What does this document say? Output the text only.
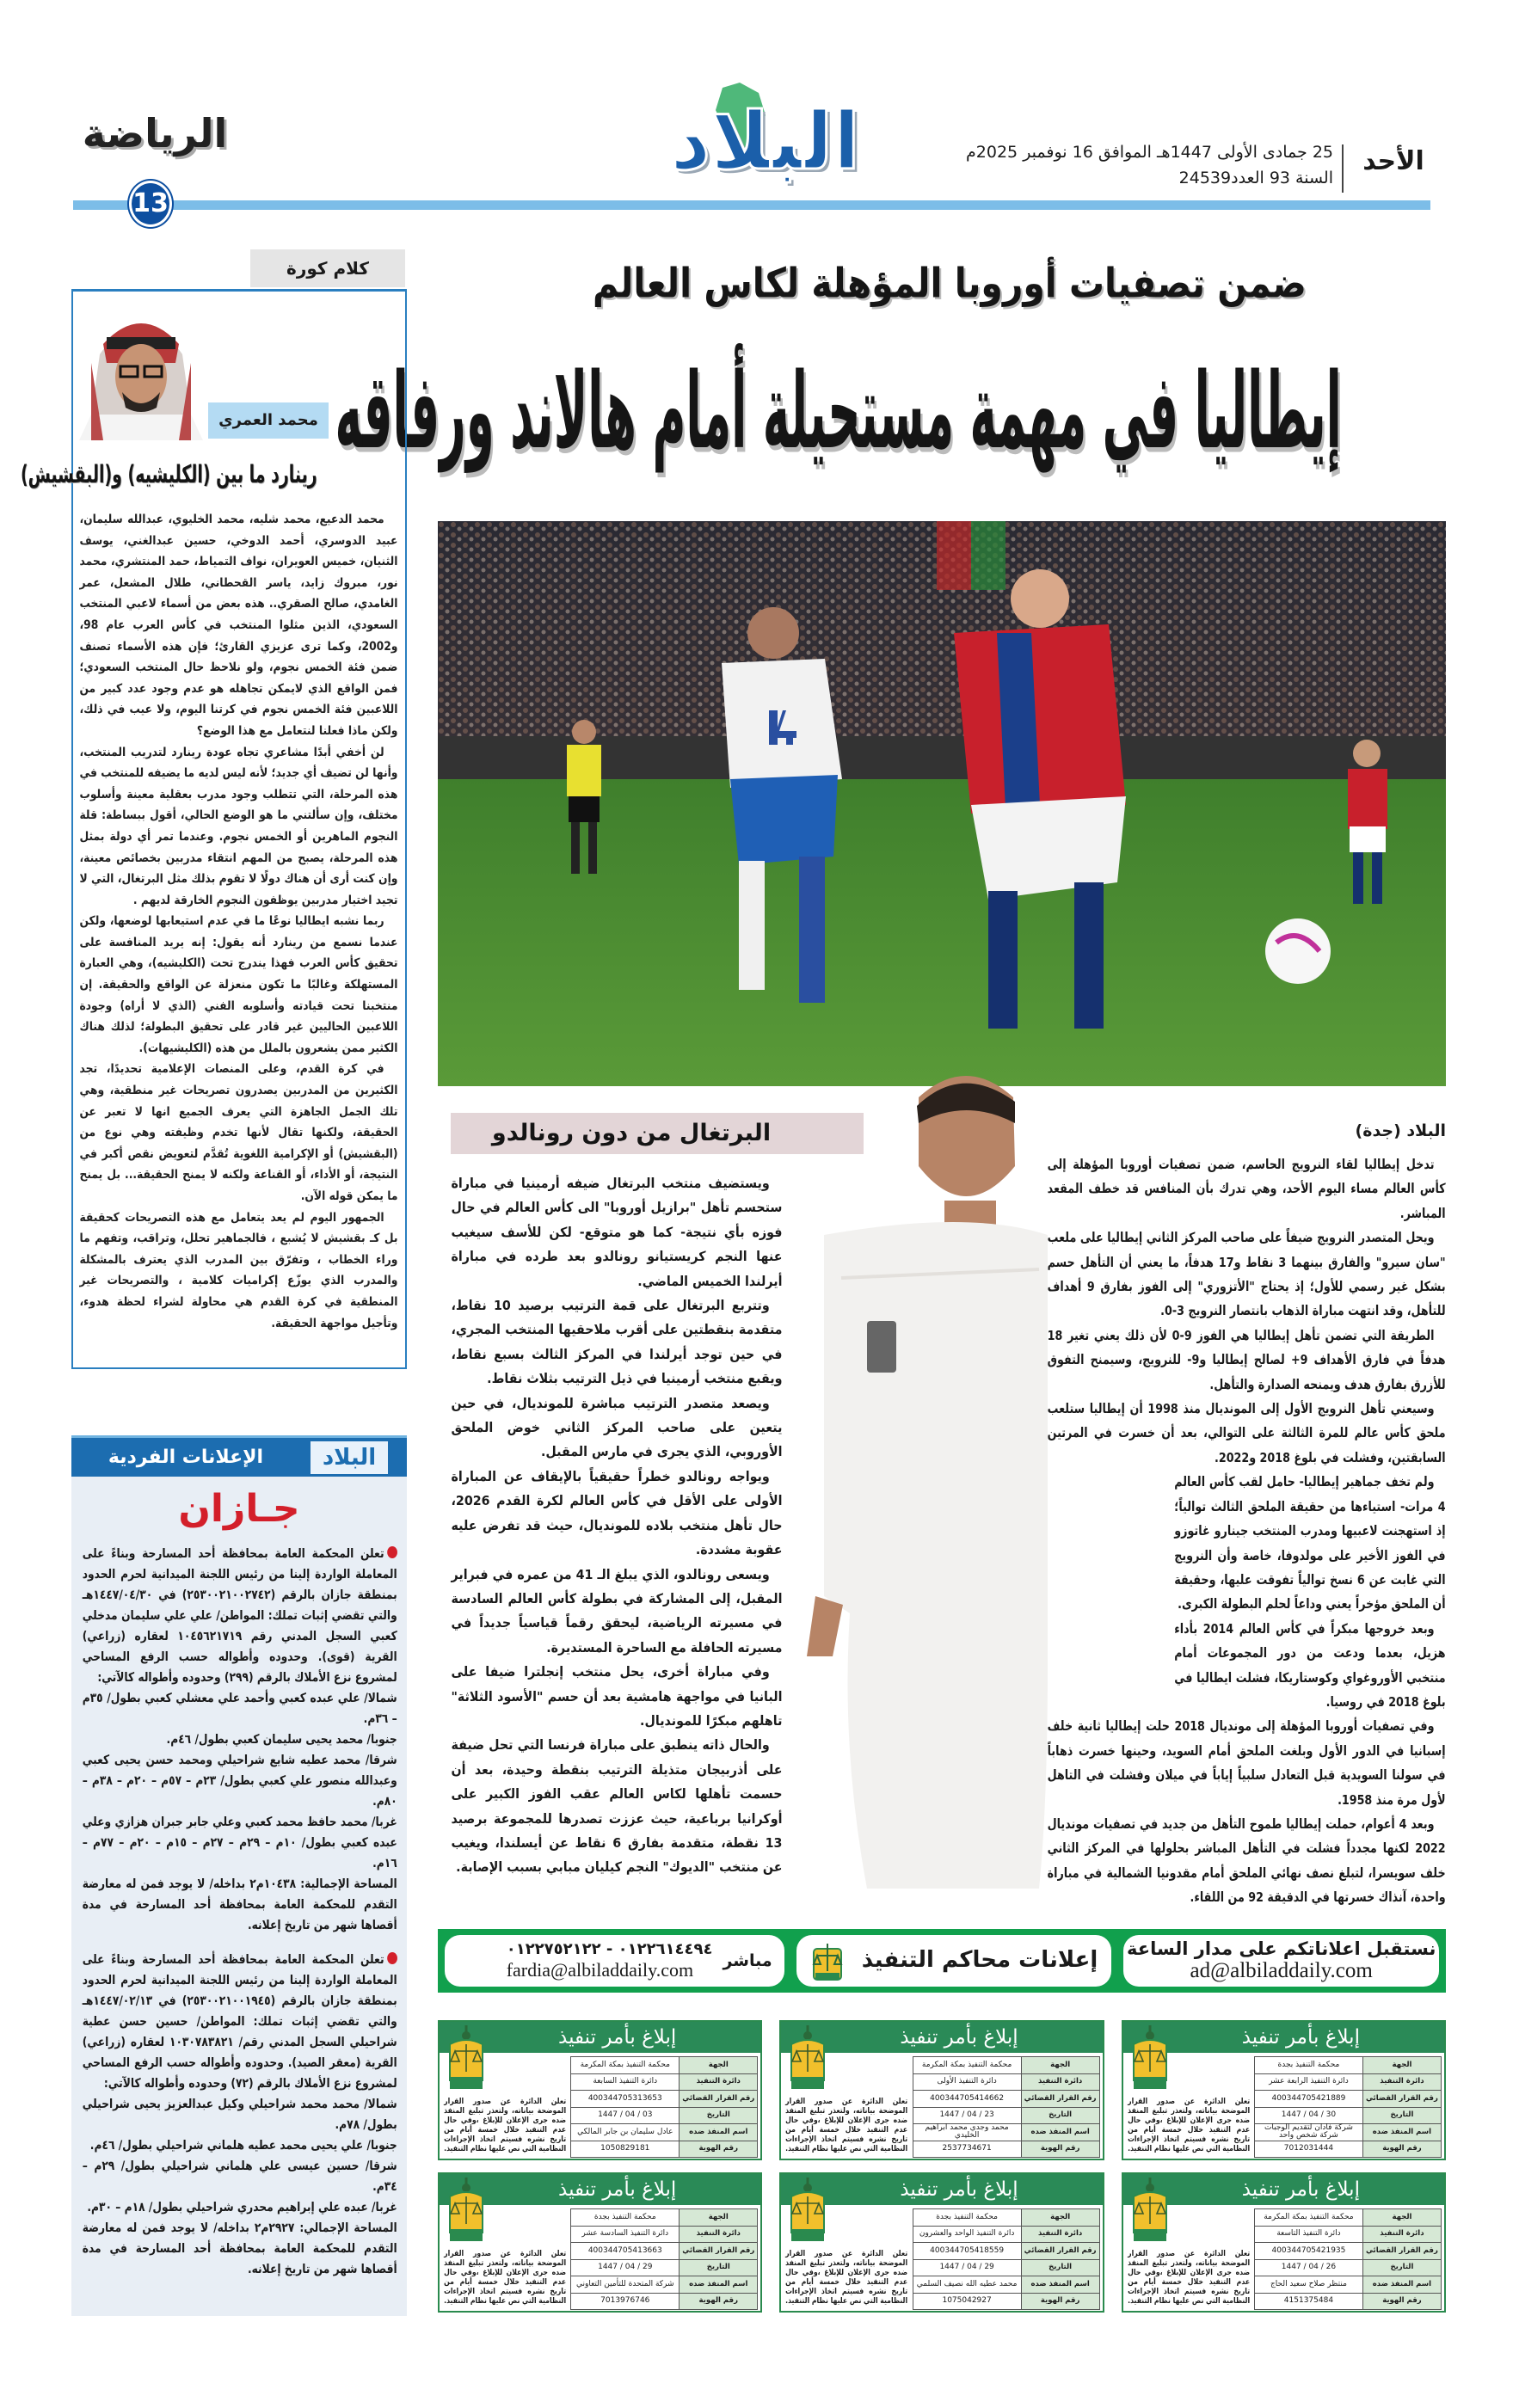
البلاد
الرياضة
13
الأحد
25 جمادى الأولى 1447هـ الموافق 16 نوفمبر 2025م
السنة 93 العدد24539
ضمن تصفيات أوروبا المؤهلة لكاس العالم
إيطاليا في مهمة مستحيلة أمام هالاند ورفاقه
كلام كورة
محمد العمري
رينارد ما بين (الكليشيه) و(البقشيش)

محمد الدعيع، محمد شليه، محمد الخليوي، عبدالله سليمان، عبيد الدوسري، أحمد الدوخي، حسين عبدالغني، يوسف الثنيان، خميس العويران، نواف التمياط، حمد المنتشري، محمد نور، مبروك زايد، ياسر القحطاني، طلال المشعل، عمر الغامدي، صالح الصقري.. هذه بعض من أسماء لاعبي المنتخب السعودي، الذين مثلوا المنتخب في كأس العرب عام 98، و2002، وكما ترى عزيزي القارئ؛ فإن هذه الأسماء تصنف ضمن فئة الخمس نجوم، ولو نلاحظ حال المنتخب السعودي؛ فمن الواقع الذي لايمكن تجاهله هو عدم وجود عدد كبير من اللاعبين فئة الخمس نجوم في كرتنا اليوم، ولا عيب في ذلك، ولكن ماذا فعلنا لنتعامل مع هذا الوضع؟

لن أخفي أبدًا مشاعري تجاه عودة رينارد لتدريب المنتخب، وأنها لن تضيف أي جديد؛ لأنه ليس لديه ما يضيفه للمنتخب في هذه المرحلة، التي تتطلب وجود مدرب بعقلية معينة وأسلوب مختلف، وإن سألتني ما هو الوضع الحالي، أقول ببساطة: قلة النجوم الماهرين أو الخمس نجوم. وعندما تمر أي دولة بمثل هذه المرحلة، يصبح من المهم انتقاء مدربين بخصائص معينة، وإن كنت أرى أن هناك دولًا لا تقوم بذلك مثل البرتغال، التي لا تجيد اختيار مدربين يوظفون النجوم الخارقة لديهم .

ربما نشبه ايطاليا نوعًا ما في عدم استيعابها لوضعها، ولكن عندما نسمع من رينارد أنه يقول: إنه يريد المنافسة على تحقيق كأس العرب فهذا يندرج تحت (الكليشيه)، وهي العبارة المستهلكة وغالبًا ما تكون منعزلة عن الواقع والحقيقة. إن منتخبنا تحت قيادته وأسلوبه الفني (الذي لا أراه) وجودة اللاعبين الحاليين غير قادر على تحقيق البطولة؛ لذلك هناك الكثير ممن يشعرون بالملل من هذه (الكليشيهات).

في كرة القدم، وعلى المنصات الإعلامية تحديدًا، تجد الكثيرين من المدربين يصدرون تصريحات غير منطقية، وهي تلك الجمل الجاهزة التي يعرف الجميع انها لا تعبر عن الحقيقة، ولكنها تقال لأنها تخدم وظيفته وهي نوع من (البقشيش) أو الإكرامية اللغوية تُقدَّم لتعويض نقص أكبر في النتيجة، أو الأداء، أو القناعة ولكنه لا يمنح الحقيقة... بل يمنح ما يمكن قوله الآن.

الجمهور اليوم لم يعد يتعامل مع هذه التصريحات كحقيقة بل كـ بقشيش لا يُشبع ، فالجماهير تحلل، وتراقب، وتفهم ما وراء الخطاب ، وتفرّق بين المدرب الذي يعترف بالمشكلة والمدرب الذي يوزّع إكراميات كلامية ، والتصريحات غير المنطقية في كرة القدم هي محاولة لشراء لحظة هدوء، وتأجيل مواجهة الحقيقة.

البلاد
الإعلانات الفردية
جـازان
تعلن المحكمة العامة بمحافظة أحد المسارحة وبناءً على المعاملة الواردة إلينا من رئيس اللجنة الميدانية لحرم الحدود بمنطقة جازان بالرقم (٢٥٣٠٠٢١٠٠٢٧٤٢) في ١٤٤٧/٠٤/٣٠هـ والتي تقضي إثبات تملك: المواطن/ علي علي سليمان مدخلي كعبي السجل المدني رقم ١٠٤٥٦٢١٧١٩ لعقاره (زراعي) القرية (قوى). وحدوده وأطواله حسب الرفع المساحي لمشروع نزع الأملاك بالرقم (٢٩٩) وحدوده وأطواله كالآتي:
شمالا/ علي عبده كعبي وأحمد علي معشلي كعبي بطول/ ٣٥م – ٣٦م.
جنوبا/ محمد يحيى سليمان كعبي بطول/ ٤٦م.
شرقا/ محمد عطيه شايع شراحيلي ومحمد حسن يحيى كعبي وعبدالله منصور علي كعبي بطول/ ٢٣م – ٥٧م – ٢٠م – ٣٨م – ٨٠م.
غربا/ محمد حافظ محمد كعبي وعلي جابر جبران هزازي وعلي عبده كعبي بطول/ ١٠م – ٢٩م – ٢٧م – ١٥م – ٢٠م – ٧٧م – ١٦م.
المساحة الإجمالية: ١٠٤٣٨م٢ بداخله/ لا يوجد فمن له معارضة التقدم للمحكمة العامة بمحافظة أحد المسارحة في مدة أقصاها شهر من تاريخ إعلانه.
تعلن المحكمة العامة بمحافظة أحد المسارحة وبناءً على المعاملة الواردة إلينا من رئيس اللجنة الميدانية لحرم الحدود بمنطقة جازان بالرقم (٢٥٣٠٠٢١٠٠١٩٤٥) في ١٤٤٧/٠٢/١٣هـ والتي تقضي إثبات تملك: المواطن/ حسين حسن عطية شراحيلي السجل المدني رقم/ ١٠٣٠٧٨٣٨٢١ لعقاره (زراعي) القرية (معقر الصيد). وحدوده وأطواله حسب الرفع المساحي لمشروع نزع الأملاك بالرقم (٧٢) وحدوده وأطواله كالآتي:
شمالا/ محمد محمد شراحيلي وكيل عبدالعزيز يحيى شراحيلي بطول/ ٧٨م.
جنوبا/ علي يحيى محمد عطيه هلماني شراحيلي بطول/ ٤٦م.
شرقا/ حسين عيسى علي هلماني شراحيلي بطول/ ٢٩م – ٣٤م.
غربا/ عبده علي إبراهيم محدري شراحيلي بطول/ ١٨م – ٣٠م.
المساحة الإجمالي: ٢٩٢٧م٢ بداخله/ لا يوجد فمن له معارضة التقدم للمحكمة العامة بمحافظة أحد المسارحة في مدة أقصاها شهر من تاريخ إعلانه.
البرتغال من دون رونالدو

ويستضيف منتخب البرتغال ضيفه أرمينيا في مباراة ستحسم تأهل "برازيل أوروبا" الى كأس العالم في حال فوزه بأي نتيجة- كما هو متوقع- لكن للأسف سيغيب عنها النجم كريستيانو رونالدو بعد طرده في مباراة أيرلندا الخميس الماضي.

وتتربع البرتغال على قمة الترتيب برصيد 10 نقاط، متقدمة بنقطتين على أقرب ملاحقيها المنتخب المجري، في حين توجد أيرلندا في المركز الثالث بسبع نقاط، ويقبع منتخب أرمينيا في ذيل الترتيب بثلاث نقاط.

ويصعد متصدر الترتيب مباشرة للمونديال، في حين يتعين على صاحب المركز الثاني خوض الملحق الأوروبي، الذي يجرى في مارس المقبل.

ويواجه رونالدو خطراً حقيقياً بالإيقاف عن المباراة الأولى على الأقل في كأس العالم لكرة القدم 2026، حال تأهل منتخب بلاده للمونديال، حيث قد تفرض عليه عقوبة مشددة.

ويسعى رونالدو، الذي يبلغ الـ 41 من عمره في فبراير المقبل، إلى المشاركة في بطولة كأس العالم السادسة في مسيرته الرياضية، ليحقق رقماً قياسياً جديداً في مسيرته الحافلة مع الساحرة المستديرة.

وفي مباراة أخرى، يحل منتخب إنجلترا ضيفا على البانيا في مواجهة هامشية بعد أن حسم "الأسود الثلاثة" تاهلهم مبكرًا للمونديال.

والحال ذاته ينطبق على مباراة فرنسا التي تحل ضيفة على أذربيجان متذيلة الترتيب بنقطة وحيدة، بعد أن حسمت تأهلها لكاس العالم عقب الفوز الكبير على أوكرانيا برباعية، حيث عززت تصدرها للمجموعة برصيد 13 نقطة، متقدمة بفارق 6 نقاط عن أيسلندا، ويغيب عن منتخب "الديوك" النجم كيليان مبابي بسبب الإصابة.

البلاد (جدة)

تدخل إيطاليا لقاء النرويج الحاسم، ضمن تصفيات أوروبا المؤهلة إلى كأس العالم مساء اليوم الأحد، وهي تدرك بأن المنافس قد خطف المقعد المباشر.

ويحل المتصدر النرويج ضيفاً على صاحب المركز الثاني إيطاليا على ملعب "سان سيرو" والفارق بينهما 3 نقاط و17 هدفاً، ما يعني أن التأهل حسم بشكل غير رسمي للأول؛ إذ يحتاج "الأتزوري" إلى الفوز بفارق 9 أهداف للتأهل، وقد انتهت مباراة الذهاب بانتصار النرويج 3-0.

الطريقة التي تضمن تأهل إيطاليا هي الفوز 9-0 لأن ذلك يعني تغير 18 هدفاً في فارق الأهداف 9+ لصالح إيطاليا و9- للنرويج، وسيمنح التفوق للأزرق بفارق هدف ويمنحه الصدارة والتأهل.

وسيعني تأهل النرويج الأول إلى المونديال منذ 1998 أن إيطاليا ستلعب ملحق كأس عالم للمرة الثالثة على التوالي، بعد أن خسرت في المرتين السابقتين، وفشلت في بلوغ 2018 و2022.

ولم تخف جماهير إيطاليا- حامل لقب كأس العالم 4 مرات- استياءها من حقيقة الملحق الثالث توالياً؛ إذ استهجنت لاعبيها ومدرب المنتخب جينارو غاتوزو في الفوز الأخير على مولدوفا، خاصة وأن النرويج التي غابت عن 6 نسخ توالياً تفوقت عليها، وحقيقة أن الملحق مؤخراً يعني وداعاً لحلم البطولة الكبرى.

وبعد خروجها مبكراً في كأس العالم 2014 بأداء هزيل، بعدما ودعت من دور المجموعات أمام منتخبي الأوروغواي وكوستاريكا، فشلت ايطاليا في بلوغ 2018 في روسيا.

وفي تصفيات أوروبا المؤهلة إلى مونديال 2018 حلت إيطاليا ثانية خلف إسبانيا في الدور الأول وبلغت الملحق أمام السويد، وحينها خسرت ذهاباً في سولنا السويدية قبل التعادل سلبياً إياباً في ميلان وفشلت في التاهل لأول مرة منذ 1958.

وبعد 4 أعوام، حملت إيطاليا طموح التأهل من جديد في تصفيات مونديال 2022 لكنها مجدداً فشلت في التأهل المباشر بحلولها في المركز الثاني خلف سويسرا، لتبلغ نصف نهائي الملحق أمام مقدونيا الشمالية في مباراة واحدة، آنذاك خسرتها في الدقيقة 92 من اللقاء.

نستقبل اعلاناتكم على مدار الساعة
ad@albiladdaily.com
إعلانات محاكم التنفيذ
مباشر
٠١٢٢٦١٤٤٩٤ - ٠١٢٢٧٥٢١٢٢
fardia@albiladdaily.com
إبلاغ بأمر تنفيذ
الجهة	محكمة التنفيذ بجدة
دائرة التنفيذ	دائرة التنفيذ الرابعة عشر
رقم القرار القضائي	400344705421889
التاريخ	30 / 04 / 1447
اسم المنفذ ضده	شركة فادان لتقديم الوجبات شركة شخص واحد
رقم الهوية	7012031444
تعلن الدائرة عن صدور القرار الموضحة بياناته، ولتعذر تبليغ المنفذ ضده جرى الإعلان للإبلاغ ،وفي حال عدم التنفيذ خلال خمسة أيام من تاريخ نشره فسيتم اتخاذ الإجراءات النظامية التي نص عليها نظام التنفيذ.
إبلاغ بأمر تنفيذ
الجهة	محكمة التنفيذ بمكة المكرمة
دائرة التنفيذ	دائرة التنفيذ الأولى
رقم القرار القضائي	400344705414662
التاريخ	23 / 04 / 1447
اسم المنفذ ضده	محمد وجدي محمد ابراهيم الخليدي
رقم الهوية	2537734671
تعلن الدائرة عن صدور القرار الموضحة بياناته، ولتعذر تبليغ المنفذ ضده جرى الإعلان للإبلاغ ،وفي حال عدم التنفيذ خلال خمسة أيام من تاريخ نشره فسيتم اتخاذ الإجراءات النظامية التي نص عليها نظام التنفيذ.
إبلاغ بأمر تنفيذ
الجهة	محكمة التنفيذ بمكة المكرمة
دائرة التنفيذ	دائرة التنفيذ السابعة
رقم القرار القضائي	400344705313653
التاريخ	03 / 04 / 1447
اسم المنفذ ضده	عادل سليمان بن جابر المالكي
رقم الهوية	1050829181
تعلن الدائرة عن صدور القرار الموضحة بياناته، ولتعذر تبليغ المنفذ ضده جرى الإعلان للإبلاغ ،وفي حال عدم التنفيذ خلال خمسة أيام من تاريخ نشره فسيتم اتخاذ الإجراءات النظامية التي نص عليها نظام التنفيذ.
إبلاغ بأمر تنفيذ
الجهة	محكمة التنفيذ بمكة المكرمة
دائرة التنفيذ	دائرة التنفيذ التاسعة
رقم القرار القضائي	400344705421935
التاريخ	26 / 04 / 1447
اسم المنفذ ضده	منتظر صلاح سعيد الحاج
رقم الهوية	4151375484
تعلن الدائرة عن صدور القرار الموضحة بياناته، ولتعذر تبليغ المنفذ ضده جرى الإعلان للإبلاغ ،وفي حال عدم التنفيذ خلال خمسة أيام من تاريخ نشره فسيتم اتخاذ الإجراءات النظامية التي نص عليها نظام التنفيذ.
إبلاغ بأمر تنفيذ
الجهة	محكمة التنفيذ بجدة
دائرة التنفيذ	دائرة التنفيذ الواحد والعشرون
رقم القرار القضائي	400344705418559
التاريخ	29 / 04 / 1447
اسم المنفذ ضده	محمد عطيه الله نصيف السلمي
رقم الهوية	1075042927
تعلن الدائرة عن صدور القرار الموضحة بياناته، ولتعذر تبليغ المنفذ ضده جرى الإعلان للإبلاغ ،وفي حال عدم التنفيذ خلال خمسة أيام من تاريخ نشره فسيتم اتخاذ الإجراءات النظامية التي نص عليها نظام التنفيذ.
إبلاغ بأمر تنفيذ
الجهة	محكمة التنفيذ بجدة
دائرة التنفيذ	دائرة التنفيذ السادسة عشر
رقم القرار القضائي	400344705413663
التاريخ	29 / 04 / 1447
اسم المنفذ ضده	شركة المتحدة للتأمين التعاوني
رقم الهوية	7013976746
تعلن الدائرة عن صدور القرار الموضحة بياناته، ولتعذر تبليغ المنفذ ضده جرى الإعلان للإبلاغ ،وفي حال عدم التنفيذ خلال خمسة أيام من تاريخ نشره فسيتم اتخاذ الإجراءات النظامية التي نص عليها نظام التنفيذ.
